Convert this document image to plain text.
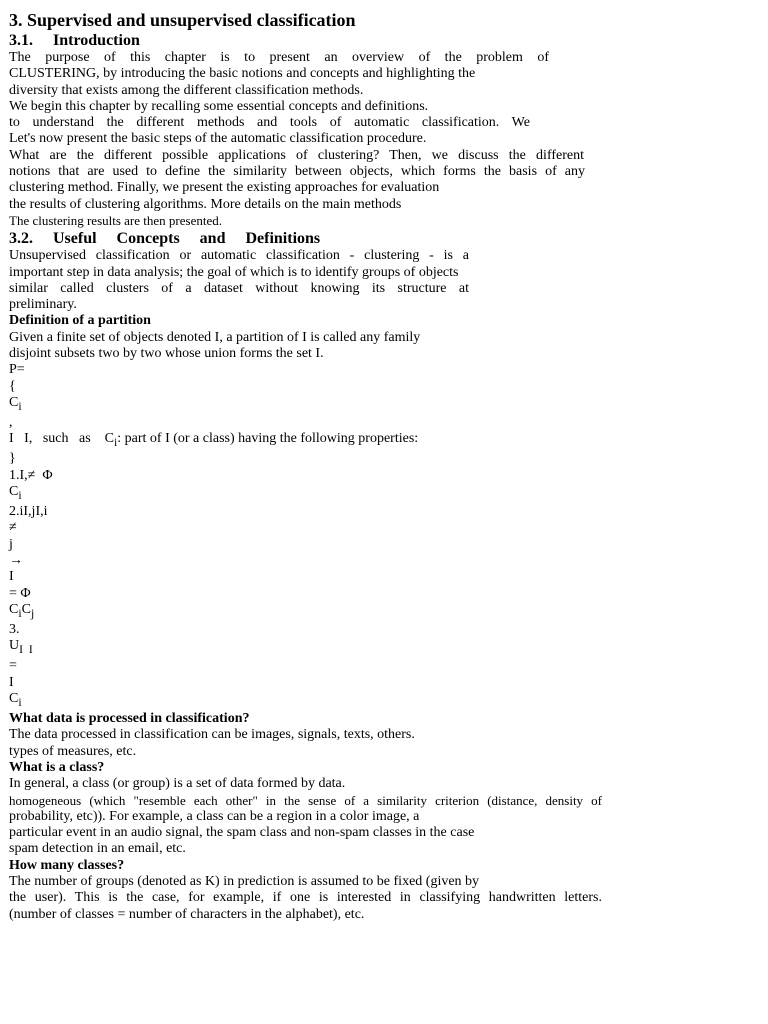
3. Supervised and unsupervised classification

3.1.     Introduction

The purpose of this chapter is to present an overview of the problem of

CLUSTERING, by introducing the basic notions and concepts and highlighting the

diversity that exists among the different classification methods.

We begin this chapter by recalling some essential concepts and definitions.

to understand the different methods and tools of automatic classification. We

Let's now present the basic steps of the automatic classification procedure.

What are the different possible applications of clustering? Then, we discuss the different

notions that are used to define the similarity between objects, which forms the basis of any

clustering method. Finally, we present the existing approaches for evaluation

the results of clustering algorithms. More details on the main methods

The clustering results are then presented.

3.2.     Useful     Concepts     and     Definitions

Unsupervised classification or automatic classification - clustering - is a

important step in data analysis; the goal of which is to identify groups of objects

similar called clusters of a dataset without knowing its structure at

preliminary.

Definition of a partition

Given a finite set of objects denoted I, a partition of I is called any family

disjoint subsets two by two whose union forms the set I.

P=

{

$C_i$

,

I   I,   such   as    $C_i$: part of I (or a class) having the following properties:

}

1.I,≠  Φ

$C_i$

2.iI,jI,i

≠

j

→

I

= Φ

$C_iC_j$

3.

$U_{I I}$

=

I

$C_i$

What data is processed in classification?

The data processed in classification can be images, signals, texts, others.

types of measures, etc.

What is a class?

In general, a class (or group) is a set of data formed by data.

homogeneous (which "resemble each other" in the sense of a similarity criterion (distance, density of

probability, etc)). For example, a class can be a region in a color image, a

particular event in an audio signal, the spam class and non-spam classes in the case

spam detection in an email, etc.

How many classes?

The number of groups (denoted as K) in prediction is assumed to be fixed (given by

the user). This is the case, for example, if one is interested in classifying handwritten letters.

(number of classes = number of characters in the alphabet), etc.
